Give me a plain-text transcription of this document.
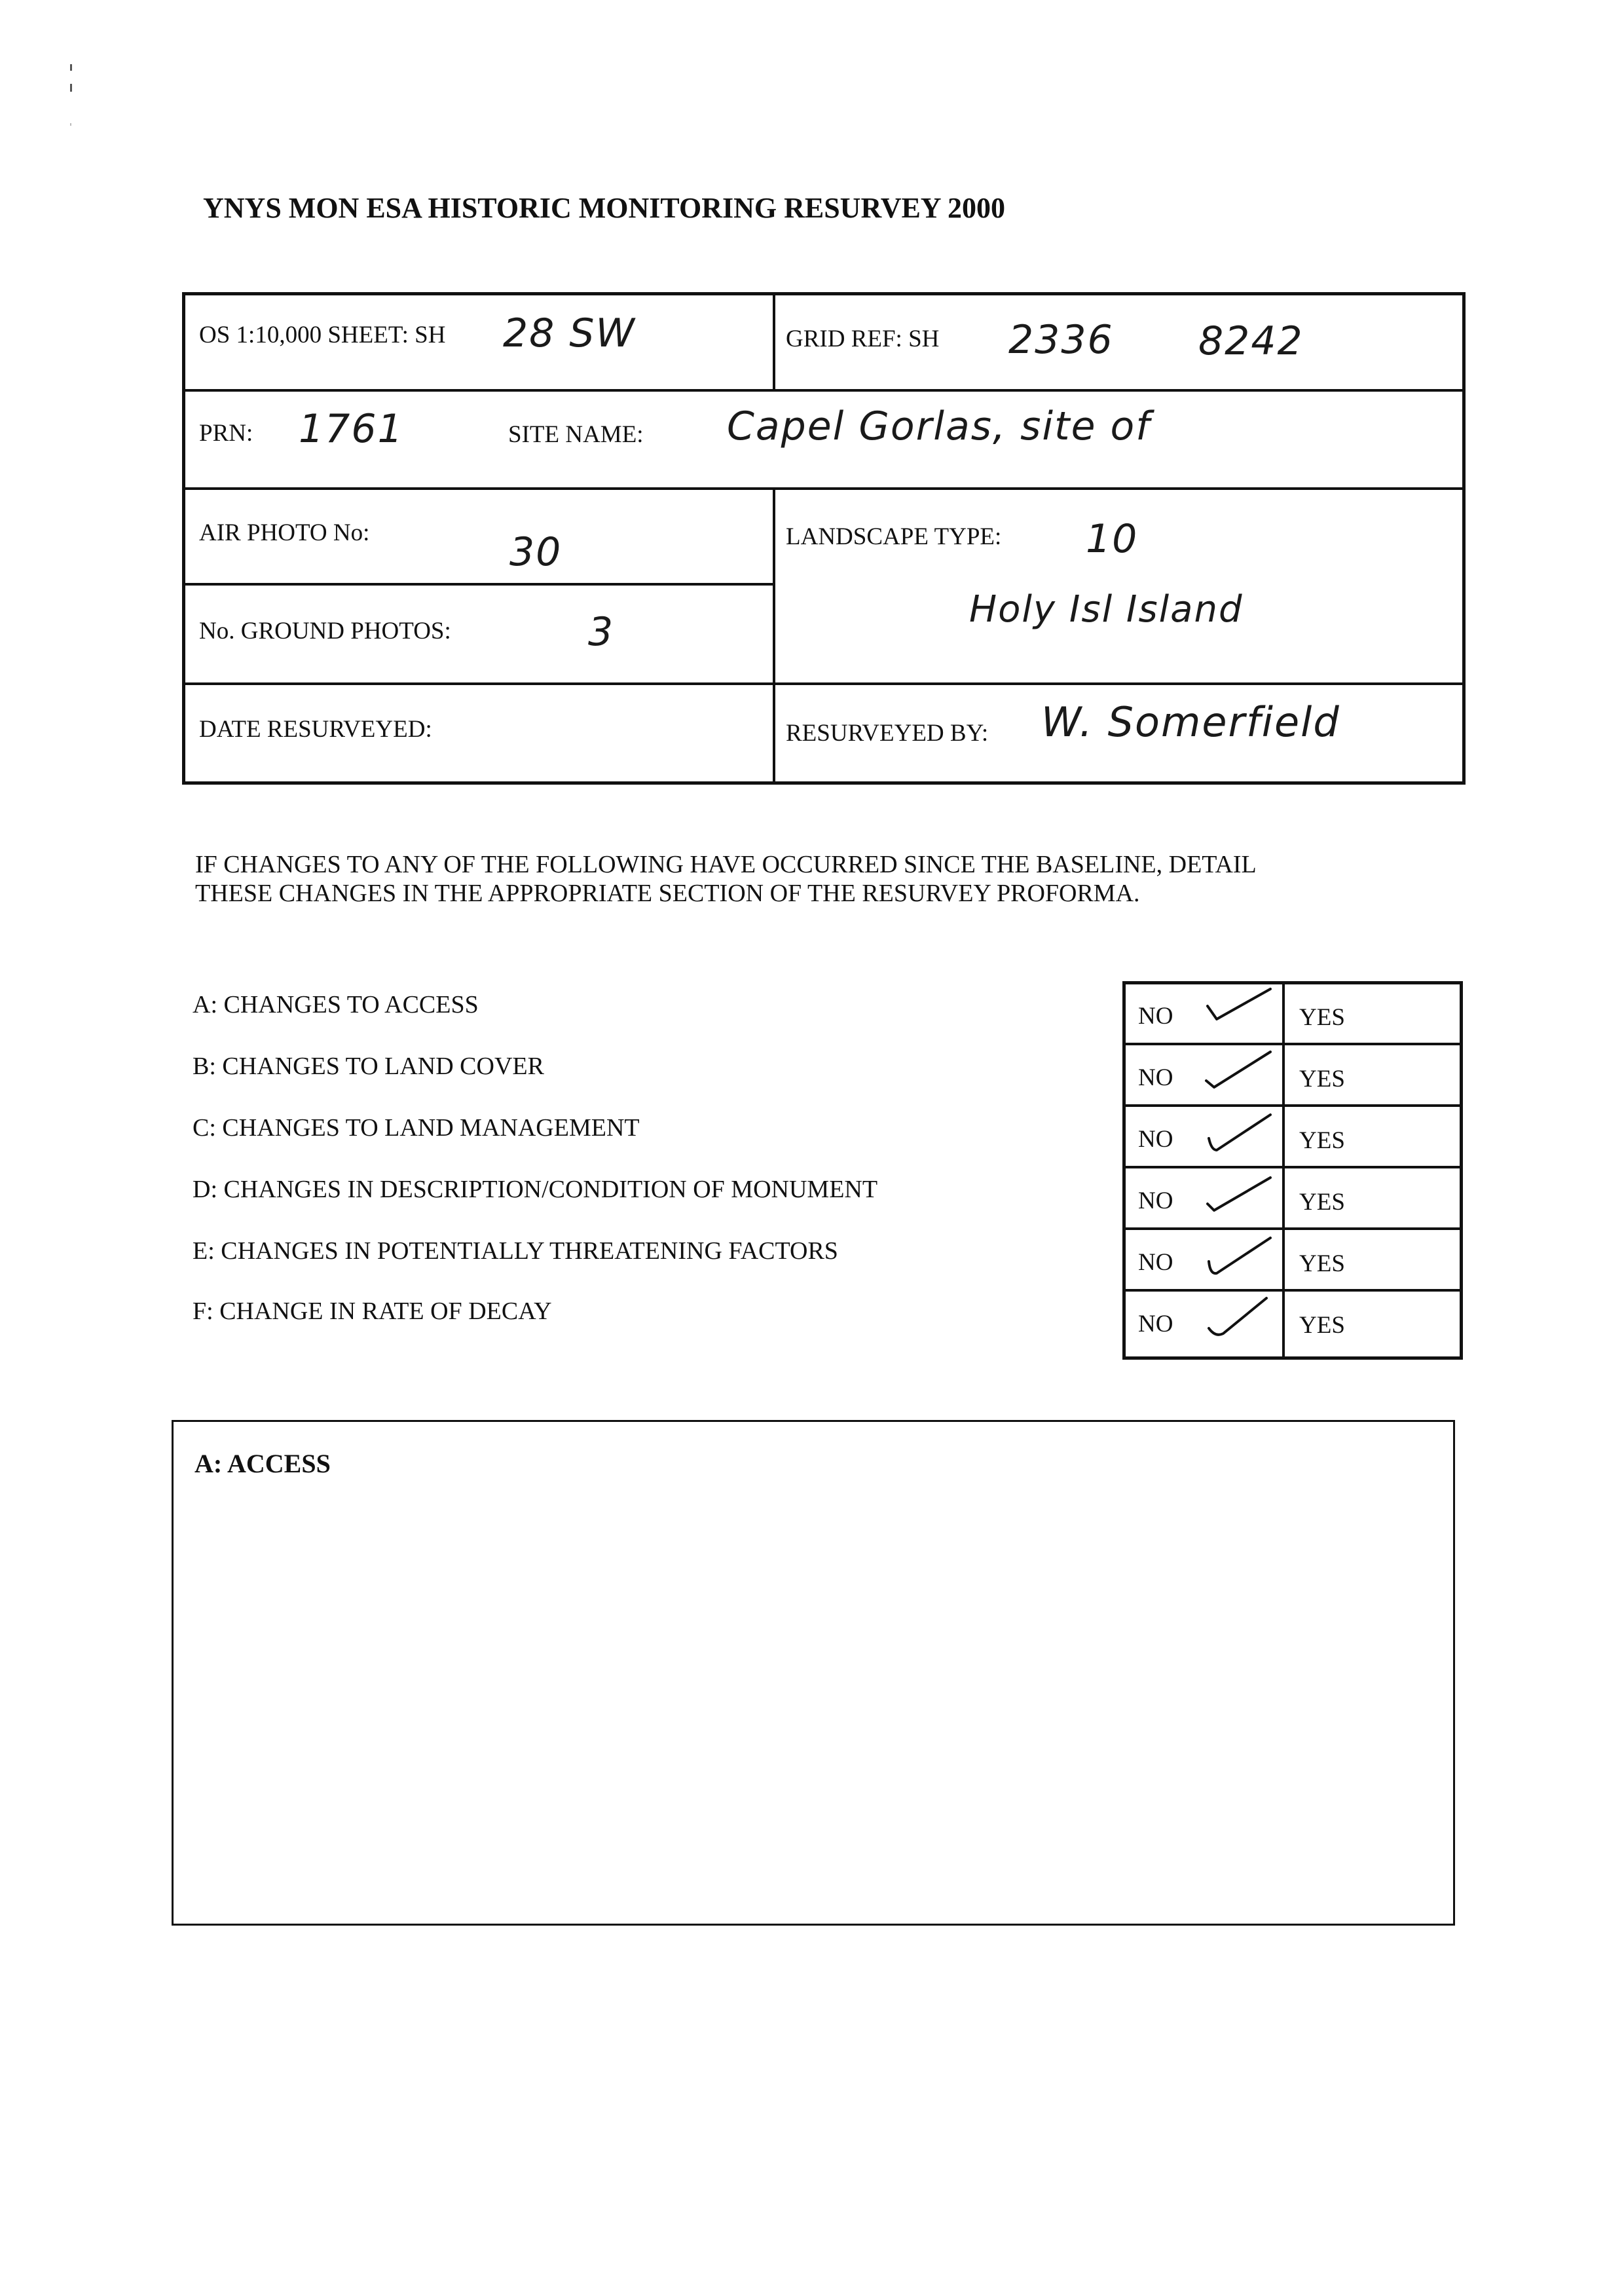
YNYS MON ESA HISTORIC MONITORING RESURVEY 2000
OS 1:10,000 SHEET: SH 28 SW	GRID REF: SH 2336 8242
PRN: 1761	SITE NAME: Capel Gorlas, site of
AIR PHOTO No:	30	LANDSCAPE TYPE: 10
Holy Isl Island
No. GROUND PHOTOS:	3
DATE RESURVEYED:	RESURVEYED BY: W. Somerfield
IF CHANGES TO ANY OF THE FOLLOWING HAVE OCCURRED SINCE THE BASELINE, DETAIL
THESE CHANGES IN THE APPROPRIATE SECTION OF THE RESURVEY PROFORMA.
A: CHANGES TO ACCESS
B: CHANGES TO LAND COVER
C: CHANGES TO LAND MANAGEMENT
D: CHANGES IN DESCRIPTION/CONDITION OF MONUMENT
E: CHANGES IN POTENTIALLY THREATENING FACTORS
F: CHANGE IN RATE OF DECAY
NO	YES
NO	YES
NO	YES
NO	YES
NO	YES
NO	YES
A: ACCESS
